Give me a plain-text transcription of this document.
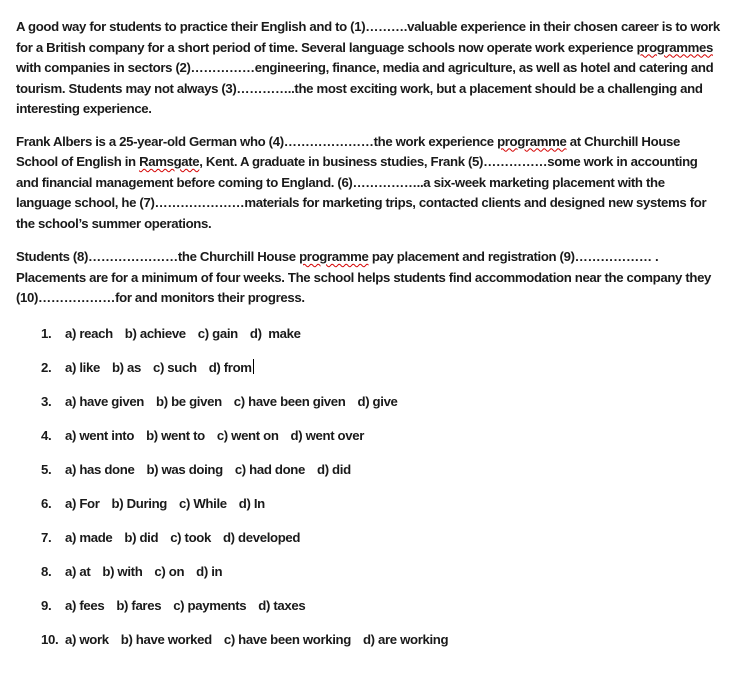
A good way for students to practice their English and to (1)……….valuable experience in their chosen career is to work for a British company for a short period of time. Several language schools now operate work experience programmes with companies in sectors (2)……………engineering, finance, media and agriculture, as well as hotel and catering and tourism. Students may not always (3)…………..the most exciting work, but a placement should be a challenging and interesting experience.

Frank Albers is a 25-year-old German who (4)…………………the work experience programme at Churchill House School of English in Ramsgate, Kent. A graduate in business studies, Frank (5)……………some work in accounting and financial management before coming to England. (6)……………..a six-week marketing placement with the language school, he (7)…………………materials for marketing trips, contacted clients and designed new systems for the school’s summer operations.

Students (8)…………………the Churchill House programme pay placement and registration (9)……………… . Placements are for a minimum of four weeks. The school helps students find accommodation near the company they (10)………………for and monitors their progress.

1.	a) reach b) achieve c) gain d)  make
2.	a) like b) as c) such d) from
3.	a) have given b) be given c) have been given d) give
4.	a) went into b) went to c) went on d) went over
5.	a) has done b) was doing c) had done d) did
6.	a) For b) During c) While d) In
7.	a) made b) did c) took d) developed
8.	a) at b) with c) on d) in
9.	a) fees b) fares c) payments d) taxes
10. a) work b) have worked c) have been working d) are working
